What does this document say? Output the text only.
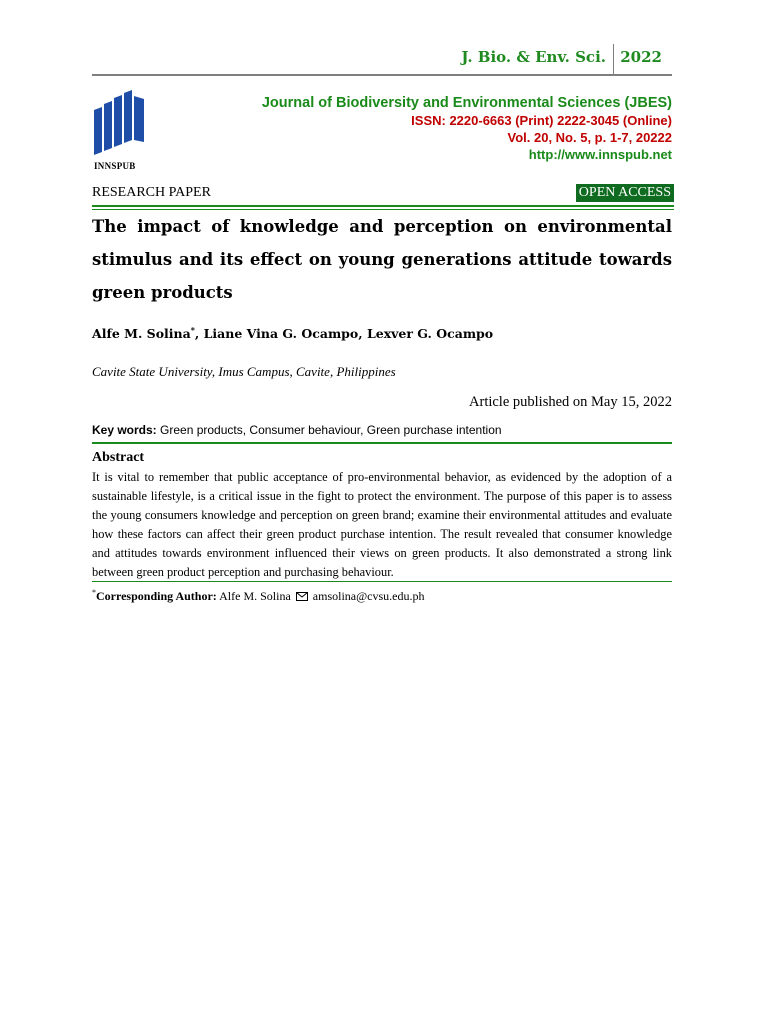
J. Bio. & Env. Sci. 2022
INNSPUB
Journal of Biodiversity and Environmental Sciences (JBES)
ISSN: 2220-6663 (Print) 2222-3045 (Online)
Vol. 20, No. 5, p. 1-7, 20222
http://www.innspub.net
RESEARCH PAPER	OPEN ACCESS
The impact of knowledge and perception on environmental stimulus and its effect on young generations attitude towards green products
Alfe M. Solina*, Liane Vina G. Ocampo, Lexver G. Ocampo
Cavite State University, Imus Campus, Cavite, Philippines
Article published on May 15, 2022
Key words: Green products, Consumer behaviour, Green purchase intention
Abstract

It is vital to remember that public acceptance of pro-environmental behavior, as evidenced by the adoption of a sustainable lifestyle, is a critical issue in the fight to protect the environment. The purpose of this paper is to assess the young consumers knowledge and perception on green brand; examine their environmental attitudes and evaluate how these factors can affect their green product purchase intention. The result revealed that consumer knowledge and attitudes towards environment influenced their views on green products. It also demonstrated a strong link between green product perception and purchasing behaviour.

*Corresponding Author: Alfe M. Solina  amsolina@cvsu.edu.ph
